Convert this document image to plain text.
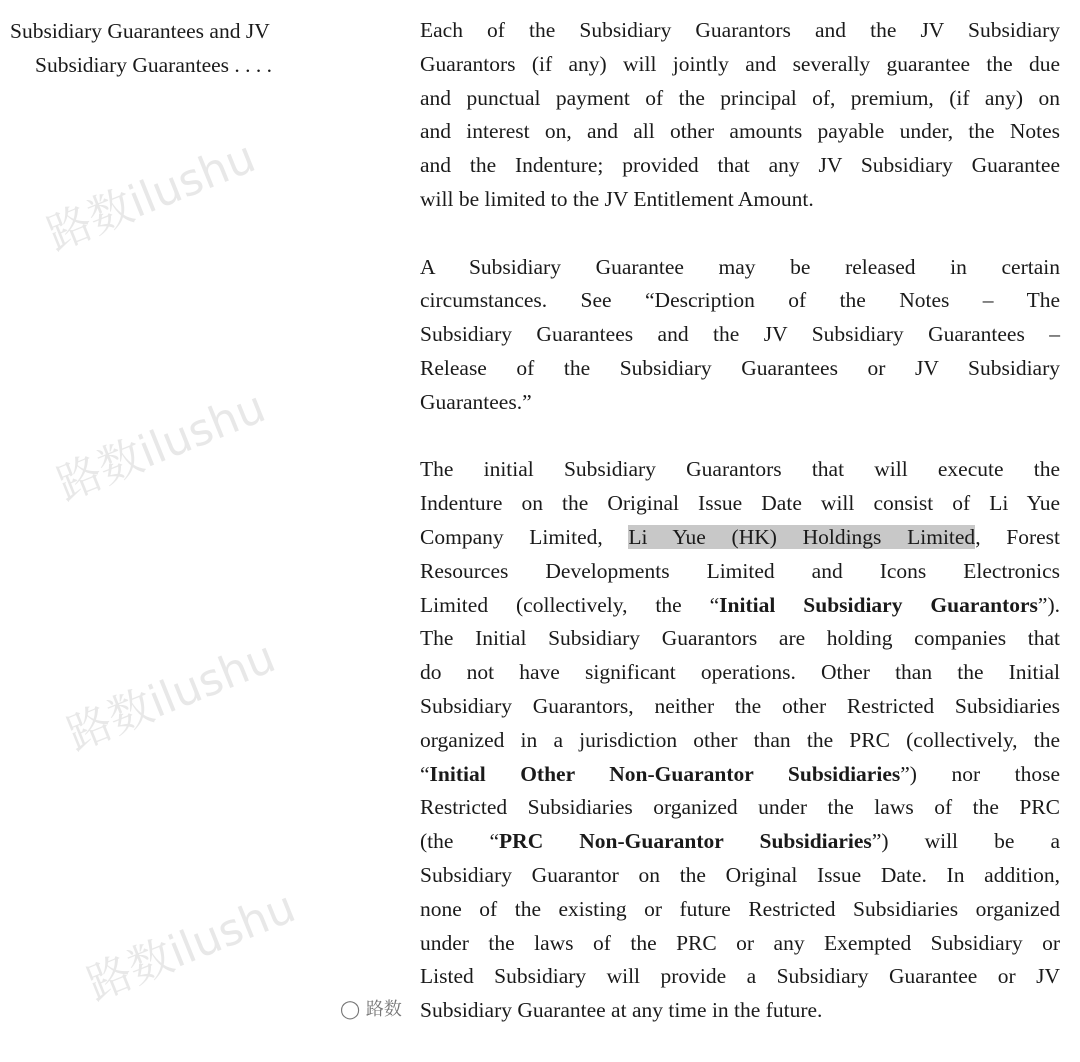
Subsidiary Guarantees and JV
Subsidiary Guarantees . . . .
Each of the Subsidiary Guarantors and the JV Subsidiary
Guarantors (if any) will jointly and severally guarantee the due
and punctual payment of the principal of, premium, (if any) on
and interest on, and all other amounts payable under, the Notes
and the Indenture; provided that any JV Subsidiary Guarantee
will be limited to the JV Entitlement Amount.
A Subsidiary Guarantee may be released in certain
circumstances. See “Description of the Notes – The
Subsidiary Guarantees and the JV Subsidiary Guarantees –
Release of the Subsidiary Guarantees or JV Subsidiary
Guarantees.”
The initial Subsidiary Guarantors that will execute the
Indenture on the Original Issue Date will consist of Li Yue
Company Limited, Li Yue (HK) Holdings Limited, Forest
Resources Developments Limited and Icons Electronics
Limited (collectively, the “Initial Subsidiary Guarantors”).
The Initial Subsidiary Guarantors are holding companies that
do not have significant operations. Other than the Initial
Subsidiary Guarantors, neither the other Restricted Subsidiaries
organized in a jurisdiction other than the PRC (collectively, the
“Initial Other Non-Guarantor Subsidiaries”) nor those
Restricted Subsidiaries organized under the laws of the PRC
(the “PRC Non-Guarantor Subsidiaries”) will be a
Subsidiary Guarantor on the Original Issue Date. In addition,
none of the existing or future Restricted Subsidiaries organized
under the laws of the PRC or any Exempted Subsidiary or
Listed Subsidiary will provide a Subsidiary Guarantee or JV
Subsidiary Guarantee at any time in the future.
路数ilushu
路数ilushu
路数ilushu
路数ilushu ◯ 路数
